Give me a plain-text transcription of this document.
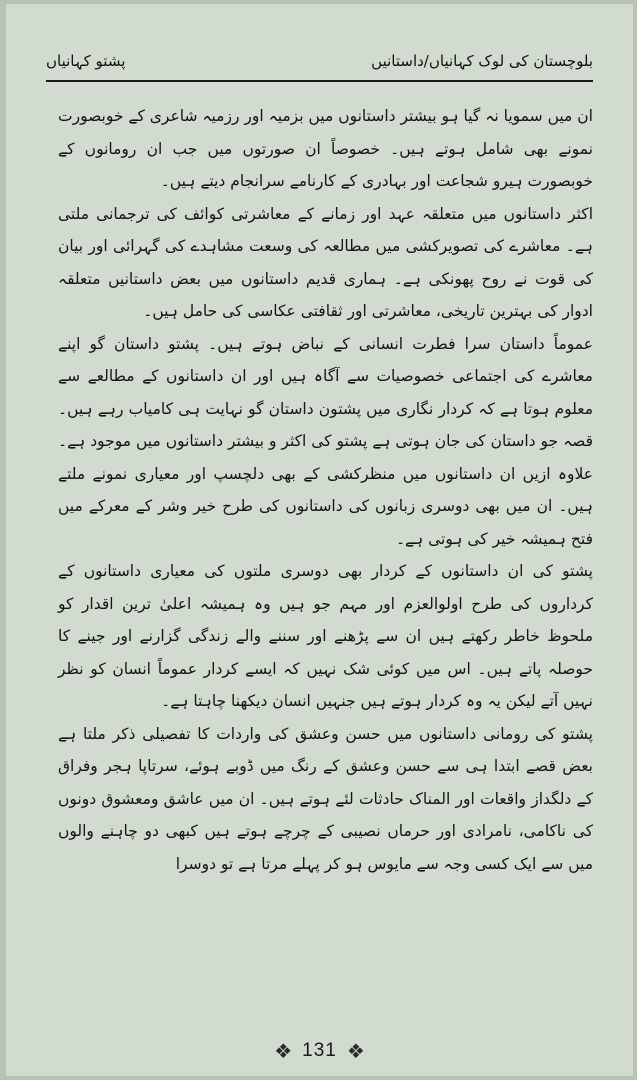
بلوچستان کی لوک کہانیاں/داستانیں
پشتو کہانیاں

ان میں سمویا نہ گیا ہو بیشتر داستانوں میں بزمیہ اور رزمیہ شاعری کے خوبصورت نمونے بھی شامل ہوتے ہیں۔ خصوصاً ان صورتوں میں جب ان رومانوں کے خوبصورت ہیرو شجاعت اور بہادری کے کارنامے سرانجام دیتے ہیں۔

اکثر داستانوں میں متعلقہ عہد اور زمانے کے معاشرتی کوائف کی ترجمانی ملتی ہے۔ معاشرے کی تصویرکشی میں مطالعہ کی وسعت مشاہدے کی گہرائی اور بیان کی قوت نے روح پھونکی ہے۔ ہماری قدیم داستانوں میں بعض داستانیں متعلقہ ادوار کی بہترین تاریخی، معاشرتی اور ثقافتی عکاسی کی حامل ہیں۔

عموماً داستان سرا فطرت انسانی کے نباض ہوتے ہیں۔ پشتو داستان گو اپنے معاشرے کی اجتماعی خصوصیات سے آگاہ ہیں اور ان داستانوں کے مطالعے سے معلوم ہوتا ہے کہ کردار نگاری میں پشتون داستان گو نہایت ہی کامیاب رہے ہیں۔ قصہ جو داستان کی جان ہوتی ہے پشتو کی اکثر و بیشتر داستانوں میں موجود ہے۔ علاوہ ازیں ان داستانوں میں منظرکشی کے بھی دلچسپ اور معیاری نمونے ملتے ہیں۔ ان میں بھی دوسری زبانوں کی داستانوں کی طرح خیر وشر کے معرکے میں فتح ہمیشہ خیر کی ہوتی ہے۔

پشتو کی ان داستانوں کے کردار بھی دوسری ملتوں کی معیاری داستانوں کے کرداروں کی طرح اولوالعزم اور مہم جو ہیں وہ ہمیشہ اعلیٰ ترین اقدار کو ملحوظ خاطر رکھتے ہیں ان سے پڑھنے اور سننے والے زندگی گزارنے اور جینے کا حوصلہ پاتے ہیں۔ اس میں کوئی شک نہیں کہ ایسے کردار عموماً انسان کو نظر نہیں آتے لیکن یہ وہ کردار ہوتے ہیں جنہیں انسان دیکھنا چاہتا ہے۔

پشتو کی رومانی داستانوں میں حسن وعشق کی واردات کا تفصیلی ذکر ملتا ہے بعض قصے ابتدا ہی سے حسن وعشق کے رنگ میں ڈوبے ہوئے، سرتاپا ہجر وفراق کے دلگداز واقعات اور المناک حادثات لئے ہوتے ہیں۔ ان میں عاشق ومعشوق دونوں کی ناکامی، نامرادی اور حرماں نصیبی کے چرچے ہوتے ہیں کبھی دو چاہنے والوں میں سے ایک کسی وجہ سے مایوس ہو کر پہلے مرتا ہے تو دوسرا

❖ 131 ❖
